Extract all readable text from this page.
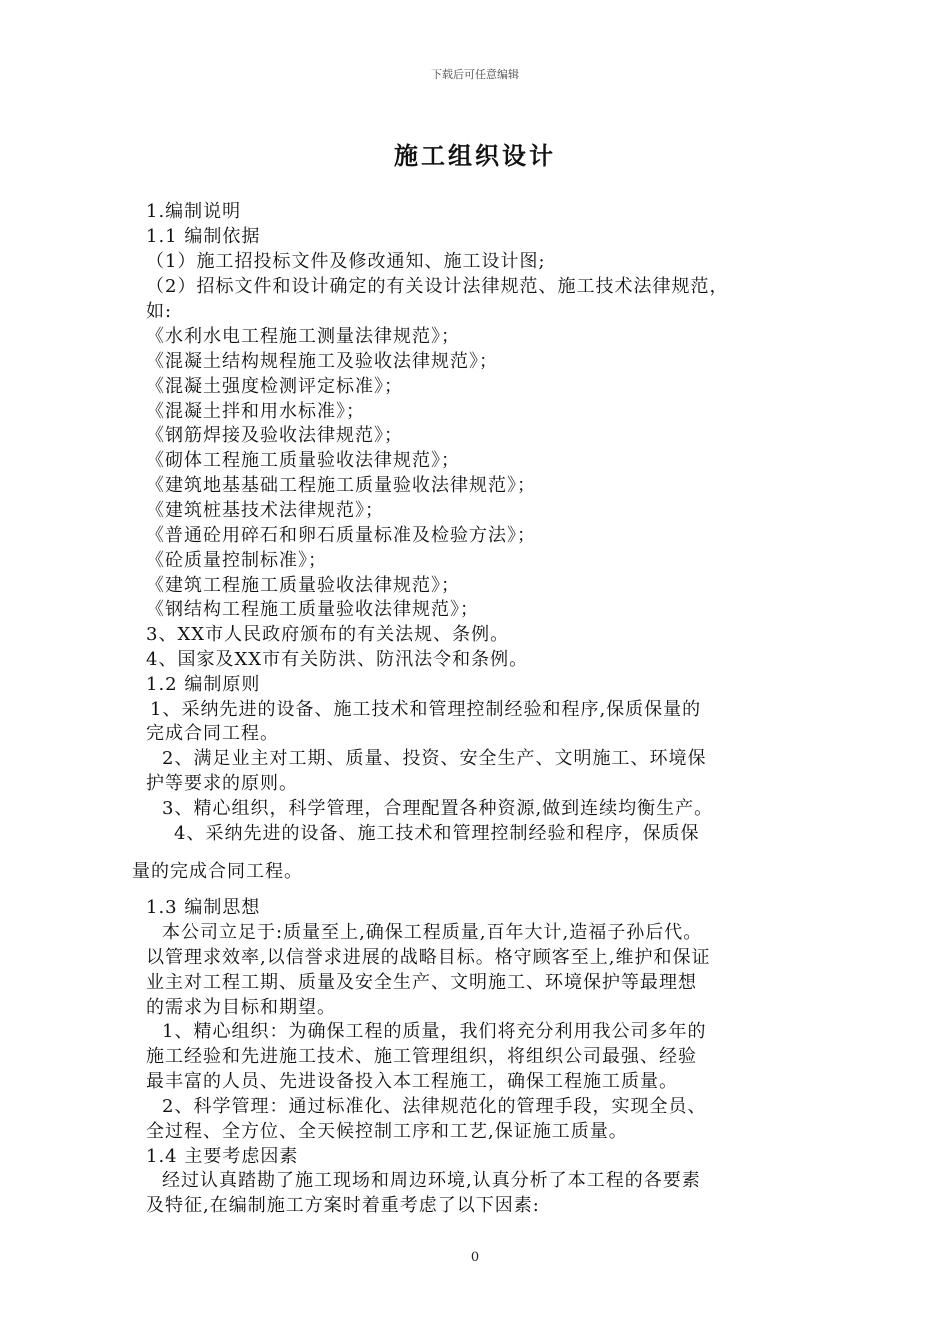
下载后可任意编辑
施工组织设计
1.编制说明
1.1 编制依据
（1）施工招投标文件及修改通知、施工设计图;
（2）招标文件和设计确定的有关设计法律规范、施工技术法律规范，
如:
《水利水电工程施工测量法律规范》；
《混凝土结构规程施工及验收法律规范》；
《混凝土强度检测评定标准》；
《混凝土拌和用水标准》；
《钢筋焊接及验收法律规范》；
《砌体工程施工质量验收法律规范》；
《建筑地基基础工程施工质量验收法律规范》；
《建筑桩基技术法律规范》；
《普通砼用碎石和卵石质量标准及检验方法》；
《砼质量控制标准》；
《建筑工程施工质量验收法律规范》；
《钢结构工程施工质量验收法律规范》；
3、XX市人民政府颁布的有关法规、条例。
4、国家及XX市有关防洪、防汛法令和条例。
1.2 编制原则
1、采纳先进的设备、施工技术和管理控制经验和程序,保质保量的
完成合同工程。
2、满足业主对工期、质量、投资、安全生产、文明施工、环境保
护等要求的原则。
3、精心组织，科学管理，合理配置各种资源,做到连续均衡生产。
4、采纳先进的设备、施工技术和管理控制经验和程序，保质保
量的完成合同工程。
1.3 编制思想
本公司立足于:质量至上,确保工程质量,百年大计,造福子孙后代。
以管理求效率,以信誉求进展的战略目标。格守顾客至上,维护和保证
业主对工程工期、质量及安全生产、文明施工、环境保护等最理想
的需求为目标和期望。
1、精心组织：为确保工程的质量，我们将充分利用我公司多年的
施工经验和先进施工技术、施工管理组织，将组织公司最强、经验
最丰富的人员、先进设备投入本工程施工，确保工程施工质量。
2、科学管理：通过标准化、法律规范化的管理手段，实现全员、
全过程、全方位、全天候控制工序和工艺,保证施工质量。
1.4 主要考虑因素
经过认真踏勘了施工现场和周边环境,认真分析了本工程的各要素
及特征,在编制施工方案时着重考虑了以下因素:
0
